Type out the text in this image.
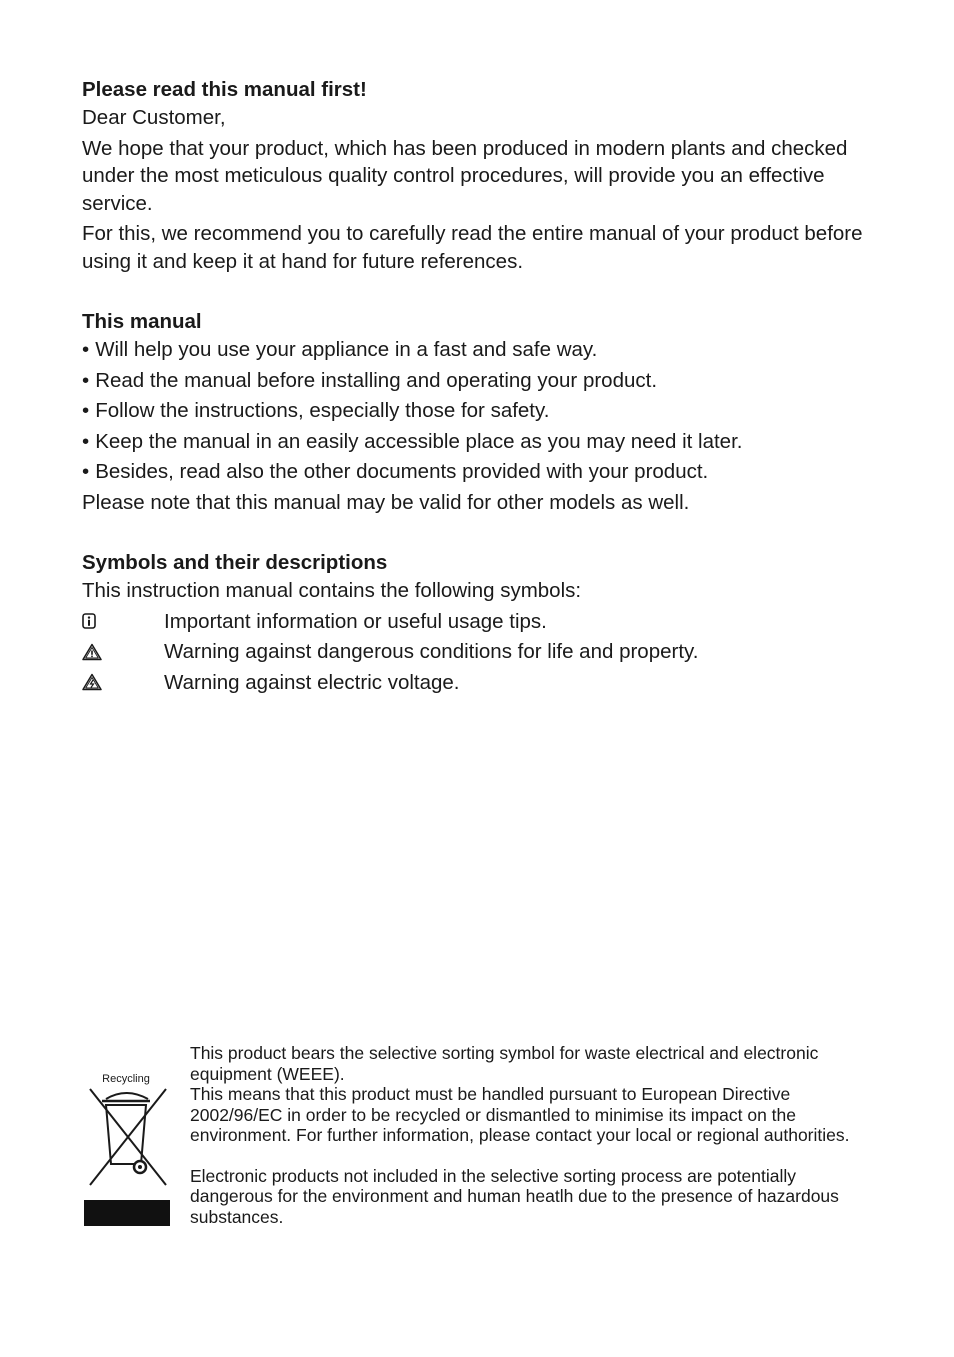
Please read this manual first!

Dear Customer,

We hope that your product, which has been produced in modern plants and checked under the most meticulous quality control procedures, will provide you an effective service.

For this, we recommend you to carefully read the entire manual of your product before using it and keep it at hand for future references.

This manual
• Will help you use your appliance in a fast and safe way.
• Read the manual before installing and operating your product.
• Follow the instructions, especially those for safety.
• Keep the manual in an easily accessible place as you may need it later.
• Besides, read also the other documents provided with your product.

Please note that this manual may be valid for other models as well.

Symbols and their descriptions

This instruction manual contains the following symbols:

Important information or useful usage tips.
Warning against dangerous conditions for life and property.
Warning against electric voltage.
Recycling

This product bears the selective sorting symbol for waste electrical and electronic equipment (WEEE).

This means that this product must be handled pursuant to European Directive 2002/96/EC in order to be recycled or dismantled to minimise its impact on the environment. For further information, please contact your local or regional authorities.

Electronic products not included in the selective sorting process are potentially dangerous for the environment and human heatlh due to the presence of hazardous substances.
